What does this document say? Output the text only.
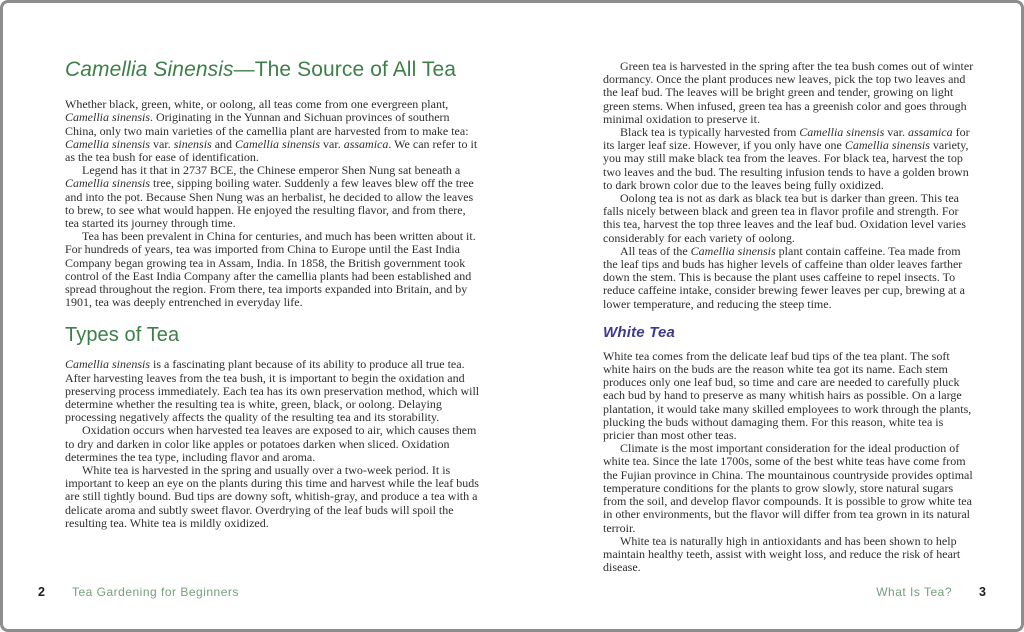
Camellia Sinensis—The Source of All Tea

Whether black, green, white, or oolong, all teas come from one evergreen plant, Camellia sinensis. Originating in the Yunnan and Sichuan provinces of southern China, only two main varieties of the camellia plant are harvested from to make tea: Camellia sinensis var. sinensis and Camellia sinensis var. assamica. We can refer to it as the tea bush for ease of identification.

Legend has it that in 2737 BCE, the Chinese emperor Shen Nung sat beneath a Camellia sinensis tree, sipping boiling water. Suddenly a few leaves blew off the tree and into the pot. Because Shen Nung was an herbalist, he decided to allow the leaves to brew, to see what would happen. He enjoyed the resulting flavor, and from there, tea started its journey through time.

Tea has been prevalent in China for centuries, and much has been written about it. For hundreds of years, tea was imported from China to Europe until the East India Company began growing tea in Assam, India. In 1858, the British government took control of the East India Company after the camellia plants had been established and spread throughout the region. From there, tea imports expanded into Britain, and by 1901, tea was deeply entrenched in everyday life.

Types of Tea

Camellia sinensis is a fascinating plant because of its ability to produce all true tea. After harvesting leaves from the tea bush, it is important to begin the oxidation and preserving process immediately. Each tea has its own preservation method, which will determine whether the resulting tea is white, green, black, or oolong. Delaying processing negatively affects the quality of the resulting tea and its storability.

Oxidation occurs when harvested tea leaves are exposed to air, which causes them to dry and darken in color like apples or potatoes darken when sliced. Oxidation determines the tea type, including flavor and aroma.

White tea is harvested in the spring and usually over a two-week period. It is important to keep an eye on the plants during this time and harvest while the leaf buds are still tightly bound. Bud tips are downy soft, whitish-gray, and produce a tea with a delicate aroma and subtly sweet flavor. Overdrying of the leaf buds will spoil the resulting tea. White tea is mildly oxidized.

Green tea is harvested in the spring after the tea bush comes out of winter dormancy. Once the plant produces new leaves, pick the top two leaves and the leaf bud. The leaves will be bright green and tender, growing on light green stems. When infused, green tea has a greenish color and goes through minimal oxidation to preserve it.

Black tea is typically harvested from Camellia sinensis var. assamica for its larger leaf size. However, if you only have one Camellia sinensis variety, you may still make black tea from the leaves. For black tea, harvest the top two leaves and the bud. The resulting infusion tends to have a golden brown to dark brown color due to the leaves being fully oxidized.

Oolong tea is not as dark as black tea but is darker than green. This tea falls nicely between black and green tea in flavor profile and strength. For this tea, harvest the top three leaves and the leaf bud. Oxidation level varies considerably for each variety of oolong.

All teas of the Camellia sinensis plant contain caffeine. Tea made from the leaf tips and buds has higher levels of caffeine than older leaves farther down the stem. This is because the plant uses caffeine to repel insects. To reduce caffeine intake, consider brewing fewer leaves per cup, brewing at a lower temperature, and reducing the steep time.

White Tea

White tea comes from the delicate leaf bud tips of the tea plant. The soft white hairs on the buds are the reason white tea got its name. Each stem produces only one leaf bud, so time and care are needed to carefully pluck each bud by hand to preserve as many whitish hairs as possible. On a large plantation, it would take many skilled employees to work through the plants, plucking the buds without damaging them. For this reason, white tea is pricier than most other teas.

Climate is the most important consideration for the ideal production of white tea. Since the late 1700s, some of the best white teas have come from the Fujian province in China. The mountainous countryside provides optimal temperature conditions for the plants to grow slowly, store natural sugars from the soil, and develop flavor compounds. It is possible to grow white tea in other environments, but the flavor will differ from tea grown in its natural terroir.

White tea is naturally high in antioxidants and has been shown to help maintain healthy teeth, assist with weight loss, and reduce the risk of heart disease.

2 Tea Gardening for Beginners	What Is Tea? 3
